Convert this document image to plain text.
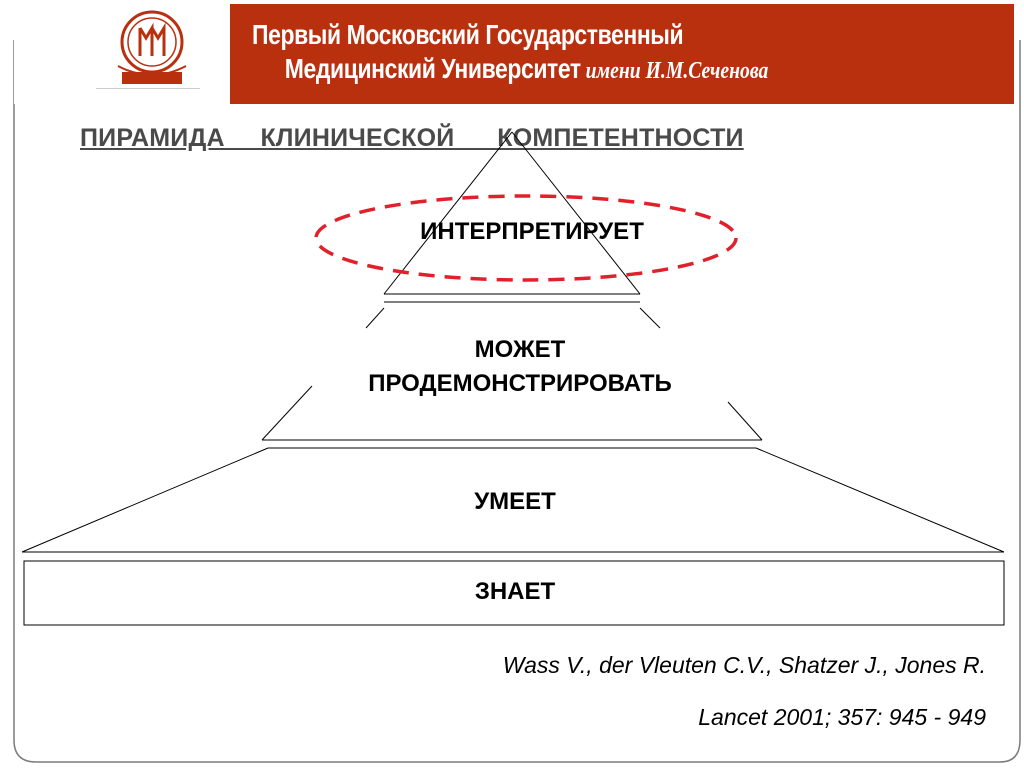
Первый Московский Государственный
Медицинский Университет имени И.М.Сеченова
ПИРАМИДА     КЛИНИЧЕСКОЙ      КОМПЕТЕНТНОСТИ
ИНТЕРПРЕТИРУЕТ
МОЖЕТ
ПРОДЕМОНСТРИРОВАТЬ
УМЕЕТ
ЗНАЕТ
Wass V., der Vleuten C.V., Shatzer J., Jones R.
Lancet 2001; 357: 945 - 949
